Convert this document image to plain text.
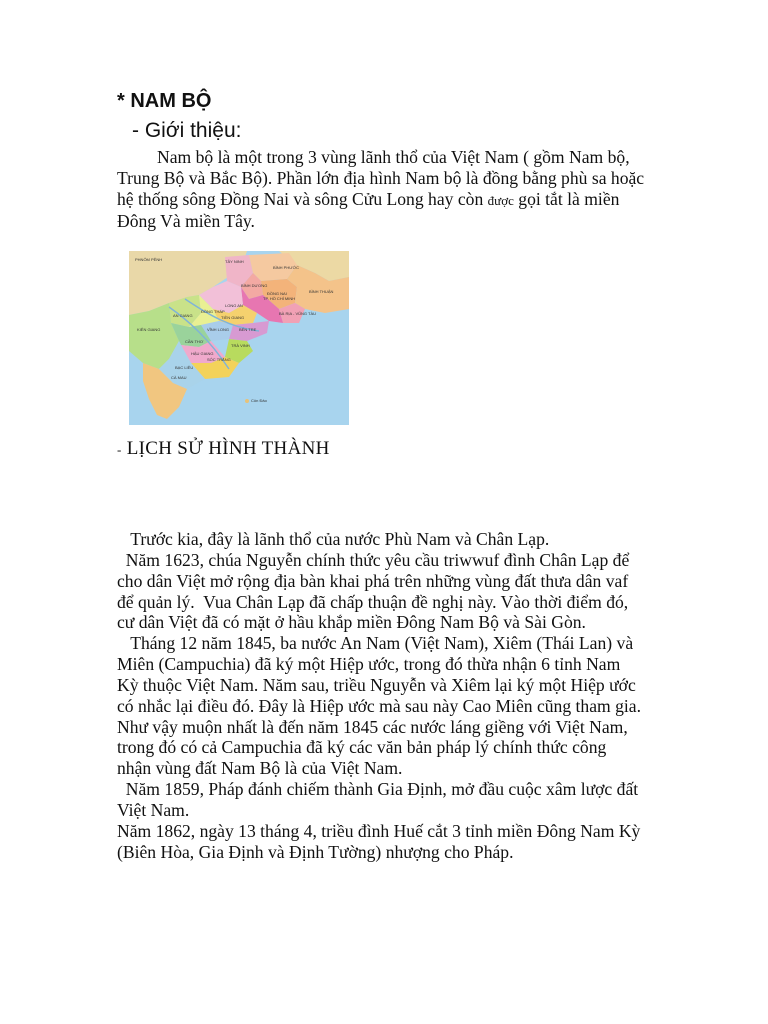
* NAM BỘ
- Giới thiệu:
Nam bộ là một trong 3 vùng lãnh thổ của Việt Nam ( gồm Nam bộ, Trung Bộ và Bắc Bộ). Phần lớn địa hình Nam bộ là đồng bằng phù sa hoặc hệ thống sông Đồng Nai và sông Cửu Long hay còn được gọi tắt là miền Đông Và miền Tây.
PHNÔM PÊNH	TÂY NINH
BÌNH PHƯỚC
BÌNH DƯƠNG
ĐỒNG NAI
TP. HỒ CHÍ MINH
BÌNH THUẬN
LONG AN
AN GIANG
ĐỒNG THÁP
TIỀN GIANG
BÀ RỊA - VŨNG TÀU
KIÊN GIANG	VĨNH LONG BẾN TRE
CẦN THƠ
TRÀ VINH
HẬU GIANG
SÓC TRĂNG
BẠC LIÊU
CÀ MAU
Côn Đảo
- LỊCH SỬ HÌNH THÀNH

Trước kia, đây là lãnh thổ của nước Phù Nam và Chân Lạp.

Năm 1623, chúa Nguyễn chính thức yêu cầu triwwuf đình Chân Lạp để cho dân Việt mở rộng địa bàn khai phá trên những vùng đất thưa dân vaf để quản lý.  Vua Chân Lạp đã chấp thuận đề nghị này. Vào thời điểm đó, cư dân Việt đã có mặt ở hầu khắp miền Đông Nam Bộ và Sài Gòn.

Tháng 12 năm 1845, ba nước An Nam (Việt Nam), Xiêm (Thái Lan) và Miên (Campuchia) đã ký một Hiệp ước, trong đó thừa nhận 6 tỉnh Nam Kỳ thuộc Việt Nam. Năm sau, triều Nguyễn và Xiêm lại ký một Hiệp ước có nhắc lại điều đó. Đây là Hiệp ước mà sau này Cao Miên cũng tham gia. Như vậy muộn nhất là đến năm 1845 các nước láng giềng với Việt Nam, trong đó có cả Campuchia đã ký các văn bản pháp lý chính thức công nhận vùng đất Nam Bộ là của Việt Nam.

Năm 1859, Pháp đánh chiếm thành Gia Định, mở đầu cuộc xâm lược đất Việt Nam.

Năm 1862, ngày 13 tháng 4, triều đình Huế cắt 3 tỉnh miền Đông Nam Kỳ (Biên Hòa, Gia Định và Định Tường) nhượng cho Pháp.
